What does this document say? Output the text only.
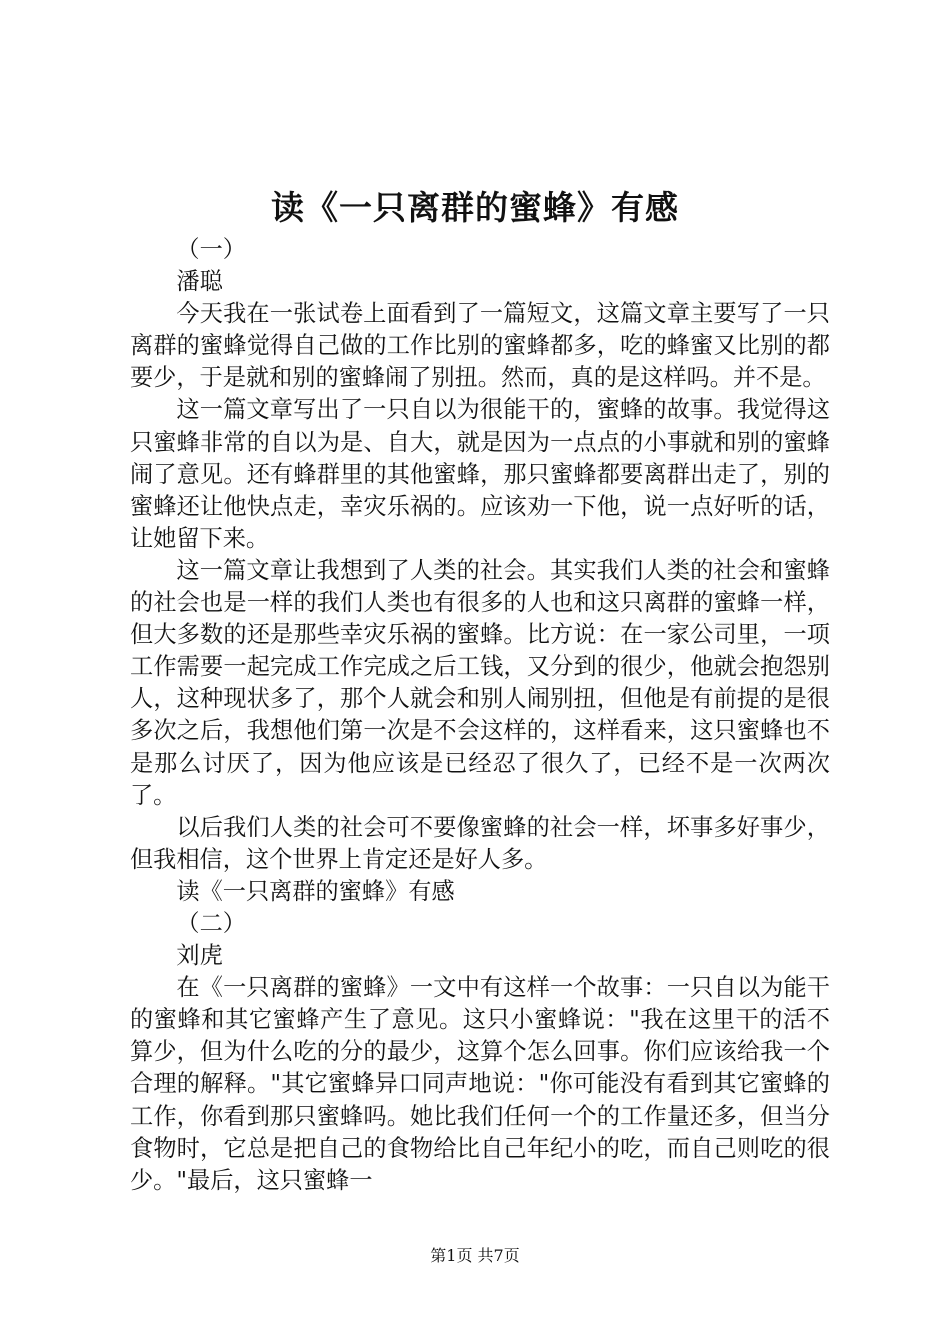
读《一只离群的蜜蜂》有感

（一）

潘聪

今天我在一张试卷上面看到了一篇短文，这篇文章主要写了一只离群的蜜蜂觉得自己做的工作比别的蜜蜂都多，吃的蜂蜜又比别的都要少，于是就和别的蜜蜂闹了别扭。然而，真的是这样吗。并不是。

这一篇文章写出了一只自以为很能干的，蜜蜂的故事。我觉得这只蜜蜂非常的自以为是、自大，就是因为一点点的小事就和别的蜜蜂闹了意见。还有蜂群里的其他蜜蜂，那只蜜蜂都要离群出走了，别的蜜蜂还让他快点走，幸灾乐祸的。应该劝一下他，说一点好听的话，让她留下来。

这一篇文章让我想到了人类的社会。其实我们人类的社会和蜜蜂的社会也是一样的我们人类也有很多的人也和这只离群的蜜蜂一样，但大多数的还是那些幸灾乐祸的蜜蜂。比方说：在一家公司里，一项工作需要一起完成工作完成之后工钱，又分到的很少，他就会抱怨别人，这种现状多了，那个人就会和别人闹别扭，但他是有前提的是很多次之后，我想他们第一次是不会这样的，这样看来，这只蜜蜂也不是那么讨厌了，因为他应该是已经忍了很久了，已经不是一次两次了。

以后我们人类的社会可不要像蜜蜂的社会一样，坏事多好事少，但我相信，这个世界上肯定还是好人多。

读《一只离群的蜜蜂》有感

（二）

刘虎

在《一只离群的蜜蜂》一文中有这样一个故事：一只自以为能干的蜜蜂和其它蜜蜂产生了意见。这只小蜜蜂说："我在这里干的活不算少，但为什么吃的分的最少，这算个怎么回事。你们应该给我一个合理的解释。"其它蜜蜂异口同声地说："你可能没有看到其它蜜蜂的工作，你看到那只蜜蜂吗。她比我们任何一个的工作量还多，但当分食物时，它总是把自己的食物给比自己年纪小的吃，而自己则吃的很少。"最后，这只蜜蜂一

第1页 共7页
